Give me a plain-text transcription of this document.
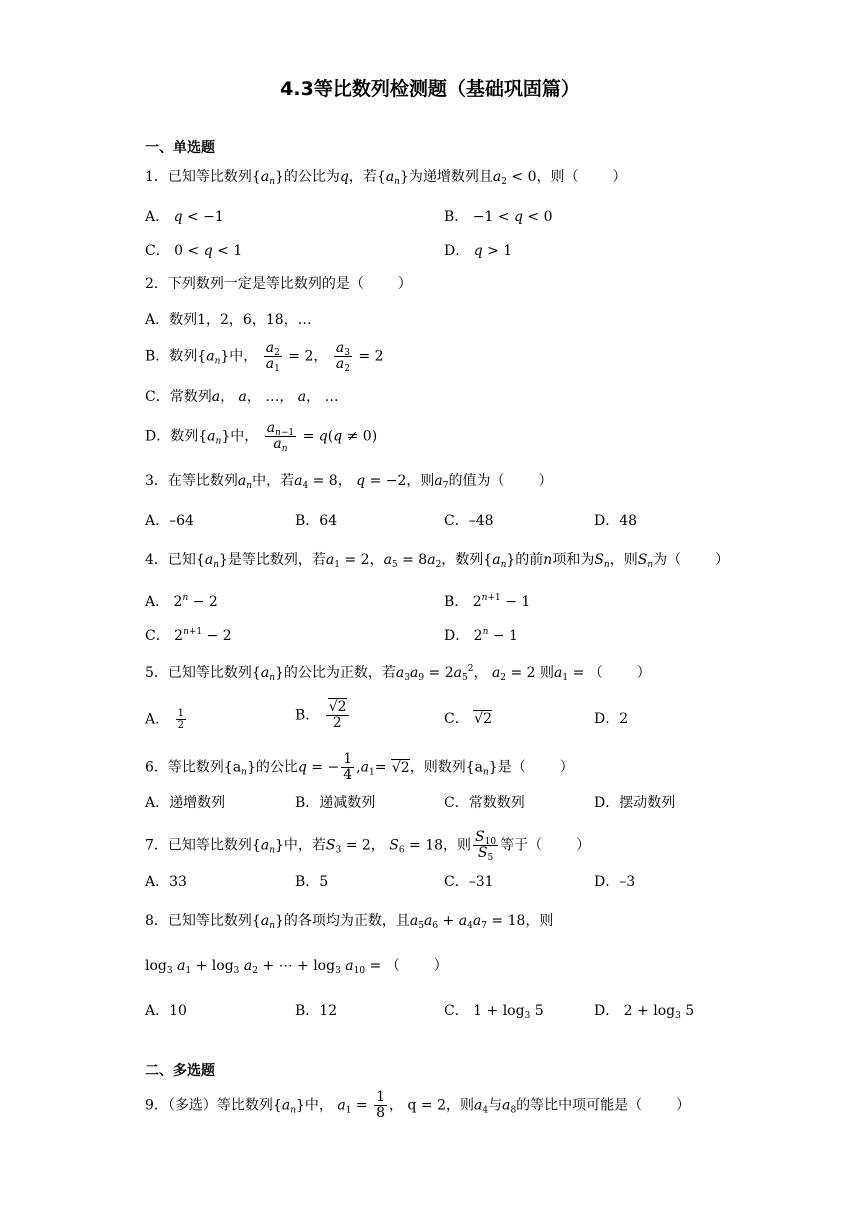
4.3等比数列检测题（基础巩固篇）
一、单选题
1．已知等比数列$\{a_n\}$的公比为q，若$\{a_n\}$为递增数列且$a_2 < 0$，则（ ）
A． q < −1	B． −1 < q < 0
C． 0 < q < 1	D． q > 1
2．下列数列一定是等比数列的是（ ）
A．数列1，2，6，18，…
B．数列$\{a_n\}$中， $\frac{a_2}{a_1} = 2$， $\frac{a_3}{a_2} = 2$
C．常数列a， a， …， a， …
D．数列$\{a_n\}$中， $\frac{a_{n-1}}{a_n} = q(q \ne 0)$
3．在等比数列$a_n$中，若$a_4 = 8$， q = −2，则$a_7$的值为（ ）
A．–64	B．64	C．–48	D．48
4．已知$\{a_n\}$是等比数列，若$a_1 = 2$，$a_5 = 8a_2$，数列$\{a_n\}$的前n项和为$S_n$，则$S_n$为（ ）
A． $2^n - 2$	B． $2^{n+1} - 1$
C． $2^{n+1} - 2$	D． $2^n - 1$
5．已知等比数列$\{a_n\}$的公比为正数，若$a_3a_9 = 2a_5^2$， $a_2 = 2$ 则$a_1$ = （ ）
A． $\frac{1}{2}$	B． $\frac{√2}{2}$	C． √2	D．2
6．等比数列$\{a_n\}$的公比q = − $\frac{1}{4} ,a_1= √2$，则数列$\{a_n\}$是（ ）
A．递增数列	B．递减数列	C．常数数列	D．摆动数列
7．已知等比数列$\{a_n\}$中，若$S_3 = 2$， $S_6 = 18$，则 $\frac{S_{10}}{S_5}$ 等于（ ）
A．33	B．5	C．–31	D．–3
8．已知等比数列$\{a_n\}$的各项均为正数，且$a_5a_6 + a_4a_7 = 18$，则
$\log_3 a_1 + \log_3 a_2$ + ⋯ + $\log_3 a_{10}$ = （ ）
A．10	B．12	C． $1 + \log_3 5$	D． $2 + \log_3 5$
二、多选题
9．（多选）等比数列$\{a_n\}$中， $a_1 = \frac{1}{8}$ ， q = 2，则$a_4$与$a_8$的等比中项可能是（ ）
